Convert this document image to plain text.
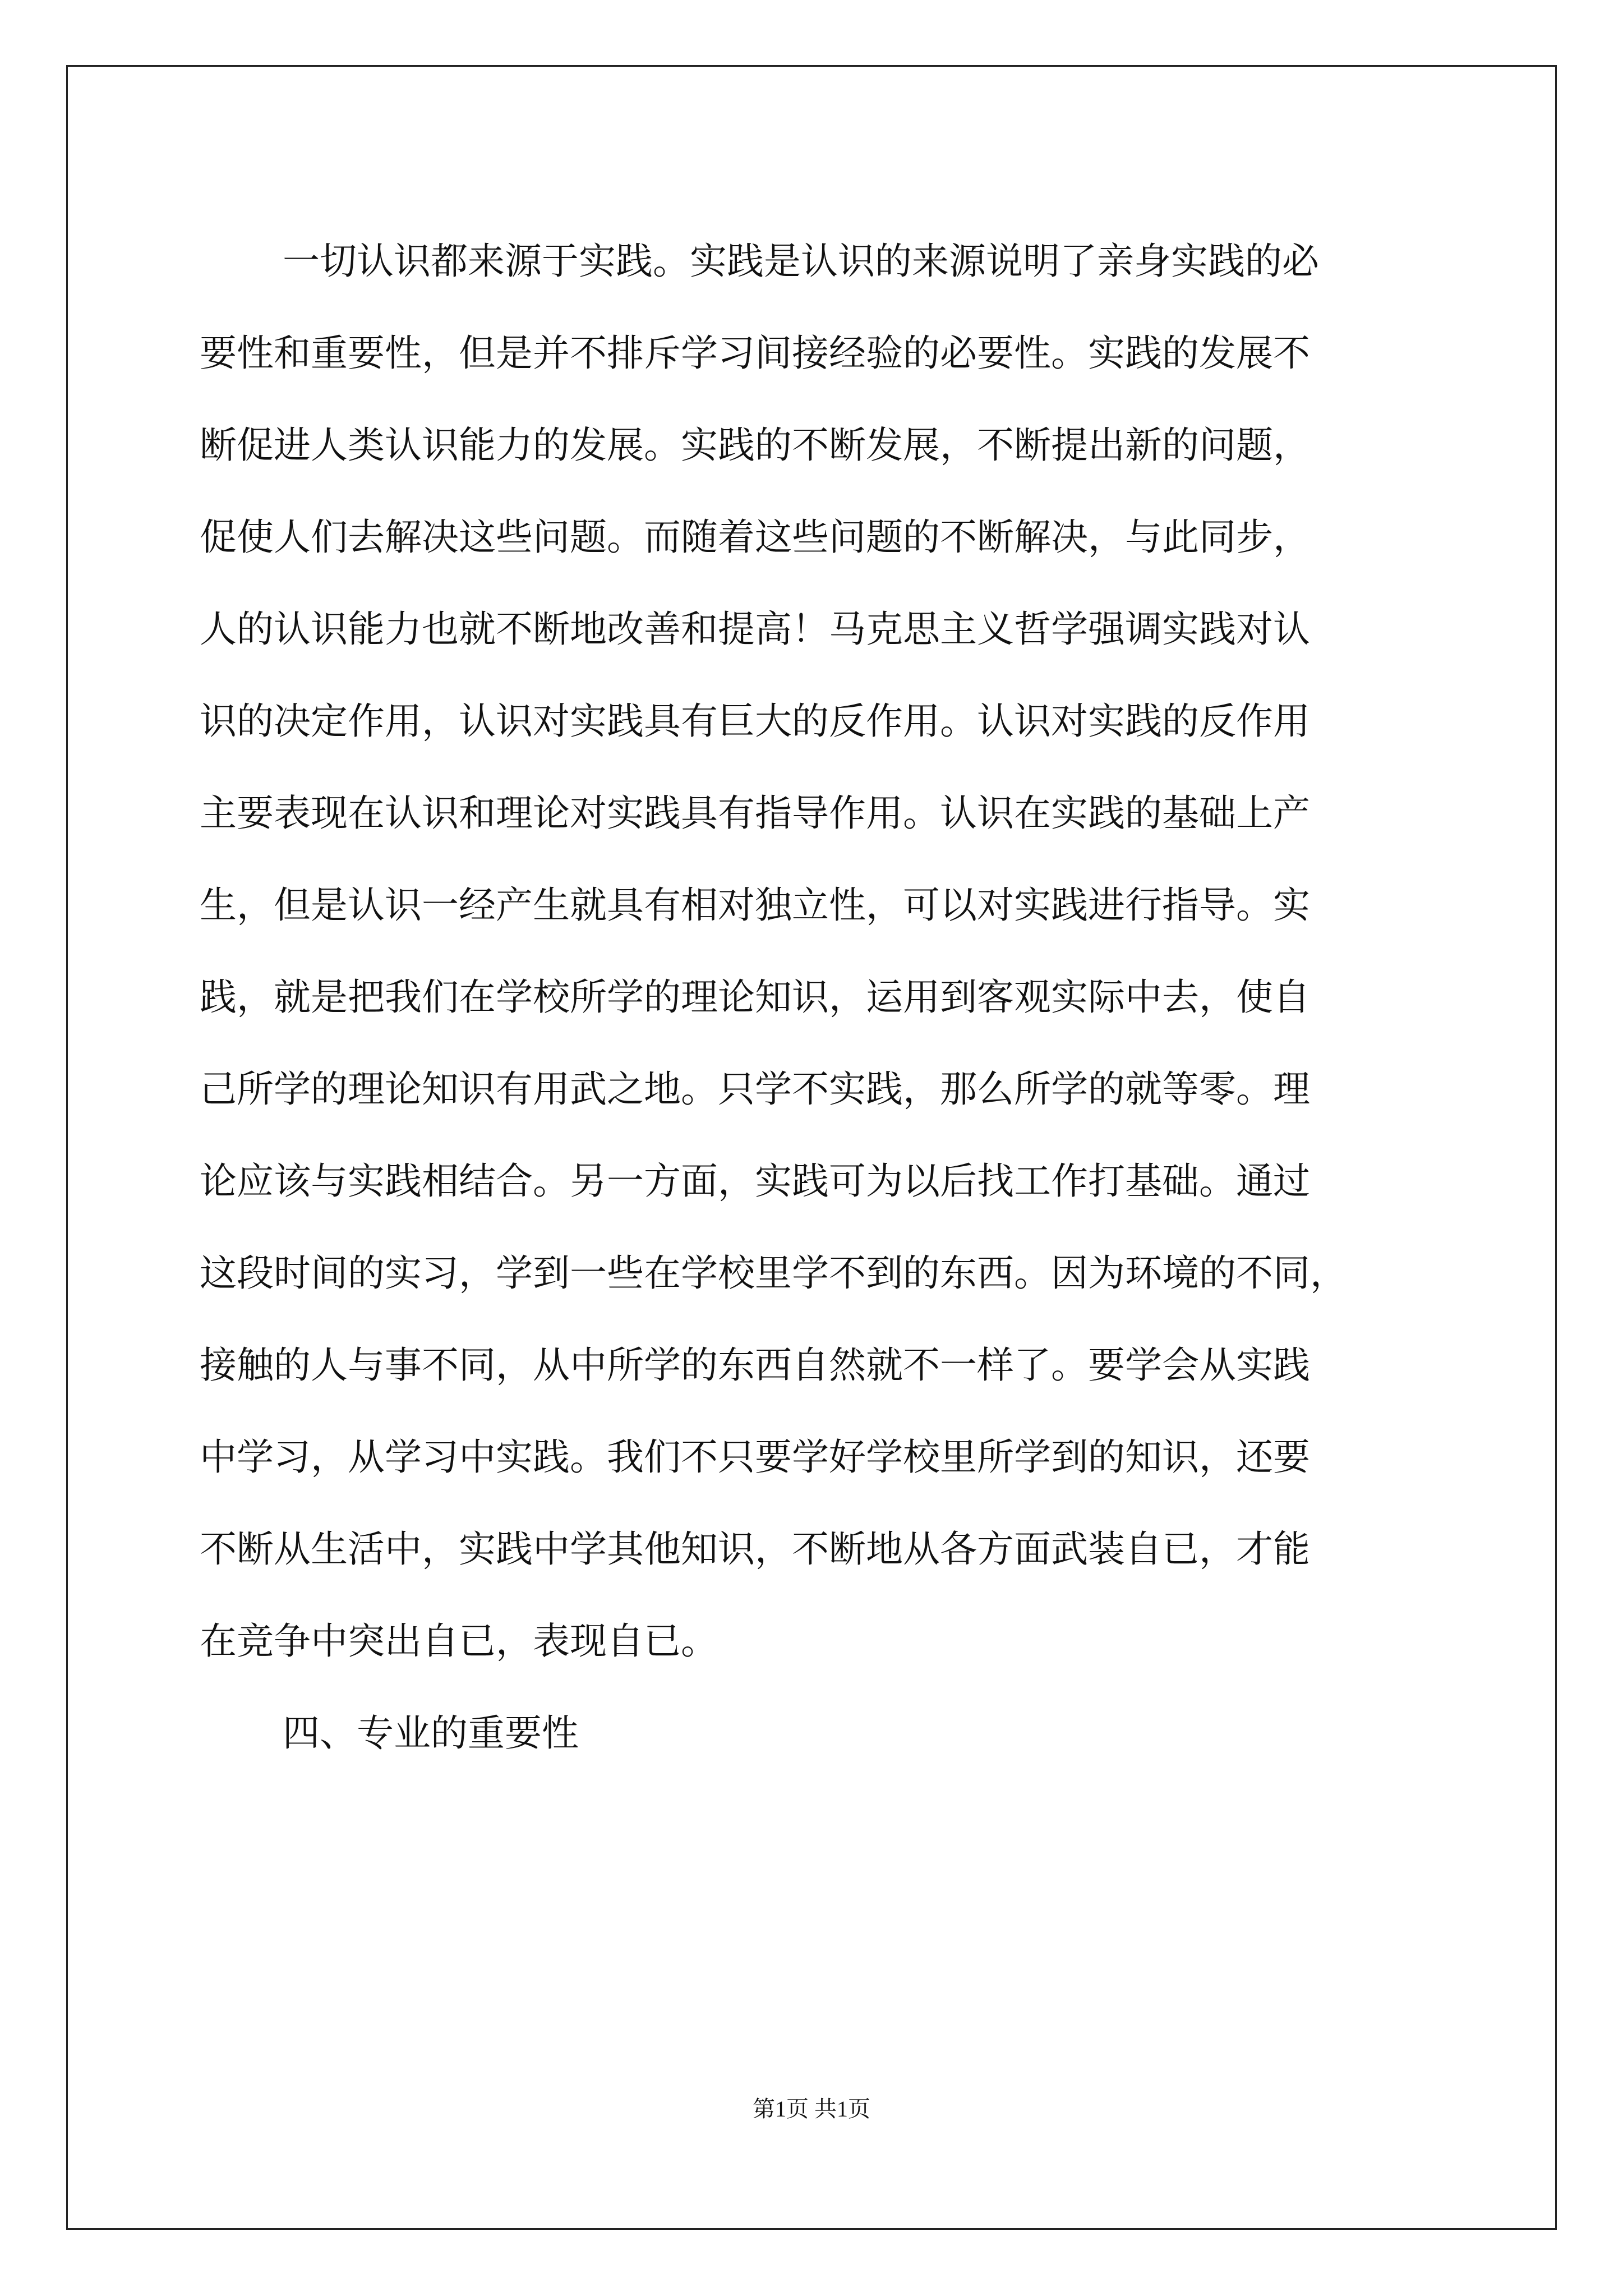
一切认识都来源于实践。实践是认识的来源说明了亲身实践的必
要性和重要性，但是并不排斥学习间接经验的必要性。实践的发展不
断促进人类认识能力的发展。实践的不断发展，不断提出新的问题，
促使人们去解决这些问题。而随着这些问题的不断解决，与此同步，
人的认识能力也就不断地改善和提高！马克思主义哲学强调实践对认
识的决定作用，认识对实践具有巨大的反作用。认识对实践的反作用
主要表现在认识和理论对实践具有指导作用。认识在实践的基础上产
生，但是认识一经产生就具有相对独立性，可以对实践进行指导。实
践，就是把我们在学校所学的理论知识，运用到客观实际中去，使自
己所学的理论知识有用武之地。只学不实践，那么所学的就等零。理
论应该与实践相结合。另一方面，实践可为以后找工作打基础。通过
这段时间的实习，学到一些在学校里学不到的东西。因为环境的不同，
接触的人与事不同，从中所学的东西自然就不一样了。要学会从实践
中学习，从学习中实践。我们不只要学好学校里所学到的知识，还要
不断从生活中，实践中学其他知识，不断地从各方面武装自已，才能
在竞争中突出自已，表现自已。
四、专业的重要性
第1页 共1页
